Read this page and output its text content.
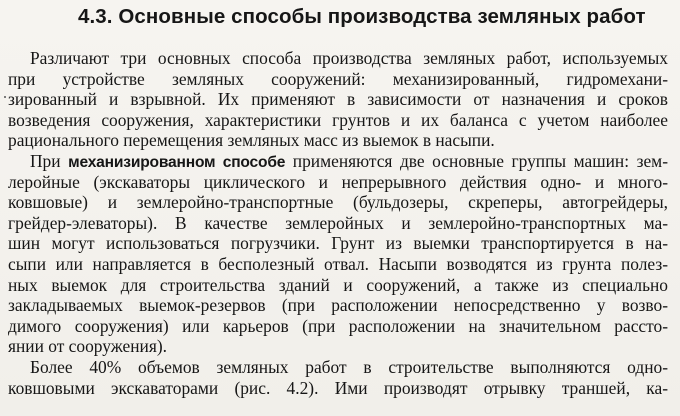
4.3. Основные способы производства земляных работ

Различают три основных способа производства земляных работ, используемых
при устройстве земляных сооружений: механизированный, гидромехани-
зированный и взрывной. Их применяют в зависимости от назначения и сроков
возведения сооружения, характеристики грунтов и их баланса с учетом наиболее
рационального перемещения земляных масс из выемок в насыпи.

При механизированном способе применяются две основные группы машин: зем-
леройные (экскаваторы циклического и непрерывного действия одно- и много-
ковшовые) и землеройно-транспортные (бульдозеры, скреперы, автогрейдеры,
грейдер-элеваторы). В качестве землеройных и землеройно-транспортных ма-
шин могут использоваться погрузчики. Грунт из выемки транспортируется в на-
сыпи или направляется в бесполезный отвал. Насыпи возводятся из грунта полез-
ных выемок для строительства зданий и сооружений, а также из специально
закладываемых выемок-резервов (при расположении непосредственно у возво-
димого сооружения) или карьеров (при расположении на значительном рассто-
янии от сооружения).

Более 40% объемов земляных работ в строительстве выполняются одно-
ковшовыми экскаваторами (рис. 4.2). Ими производят отрывку траншей, ка-
